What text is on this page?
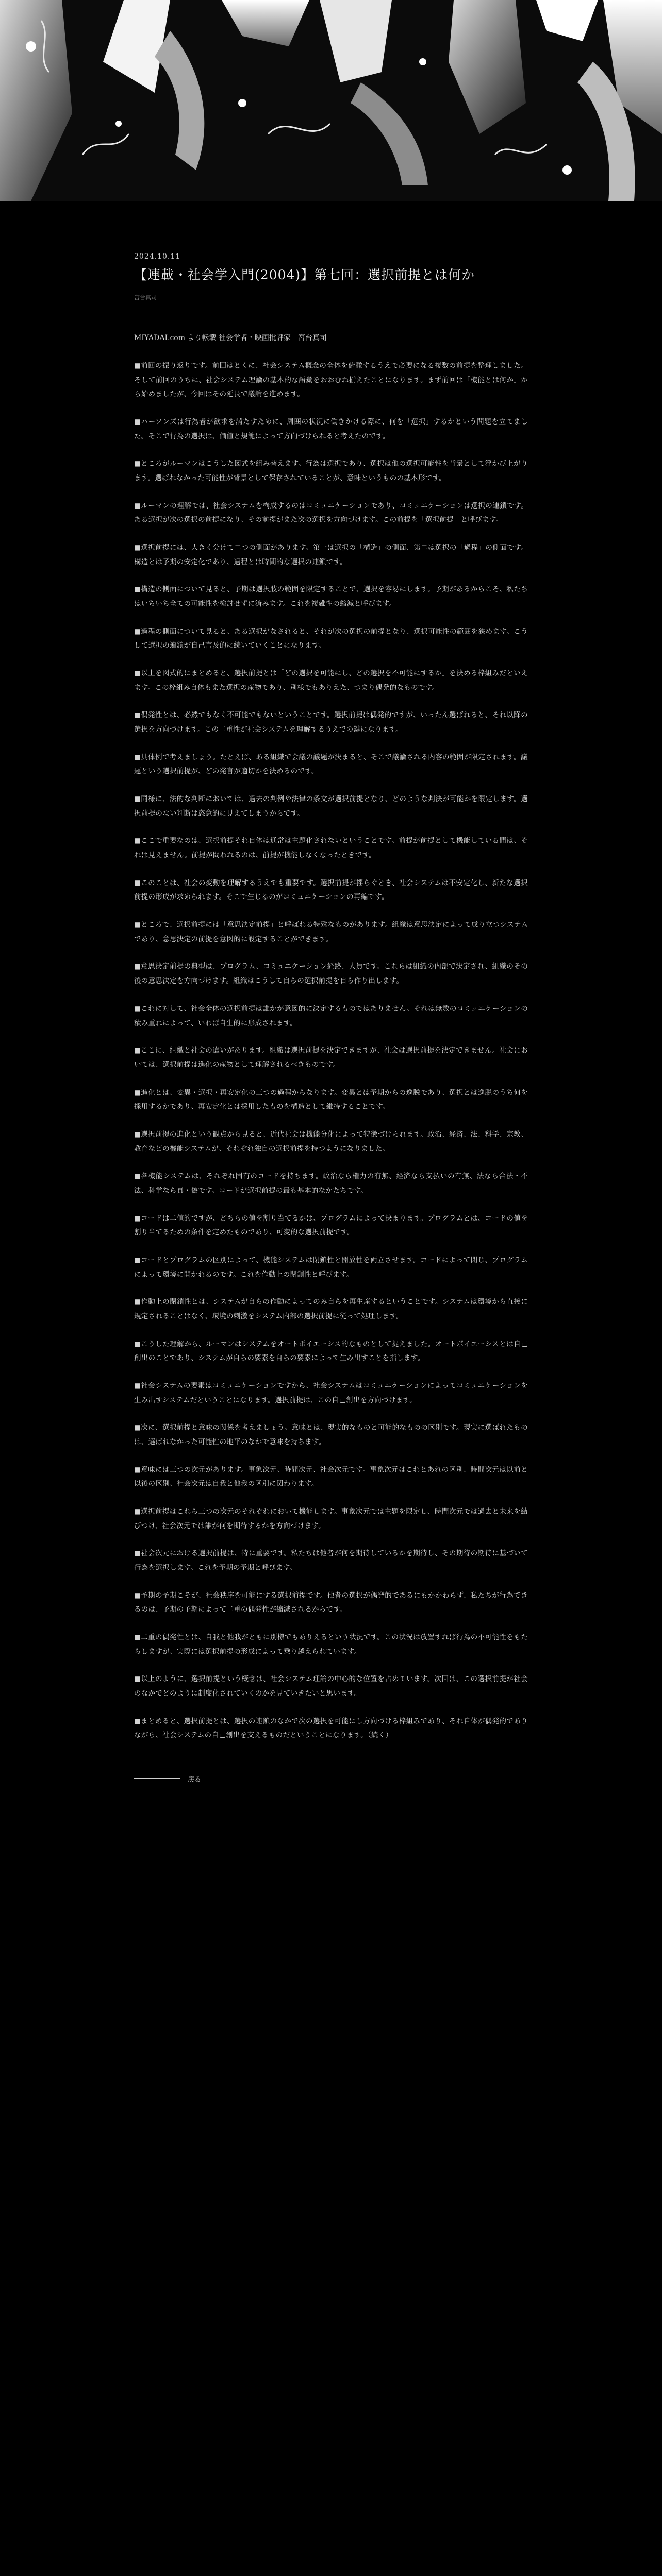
2024.10.11
【連載・社会学入門(2004)】第七回：選択前提とは何か
宮台真司
MIYADAI.com より転載 社会学者・映画批評家　宮台真司

■前回の振り返りです。前回はとくに、社会システム概念の全体を俯瞰するうえで必要になる複数の前提を整理しました。そして前回のうちに、社会システム理論の基本的な語彙をおおむね揃えたことになります。まず前回は「機能とは何か」から始めましたが、今回はその延長で議論を進めます。

■パーソンズは行為者が欲求を満たすために、周囲の状況に働きかける際に、何を「選択」するかという問題を立てました。そこで行為の選択は、価値と規範によって方向づけられると考えたのです。

■ところがルーマンはこうした図式を組み替えます。行為は選択であり、選択は他の選択可能性を背景として浮かび上がります。選ばれなかった可能性が背景として保存されていることが、意味というものの基本形です。

■ルーマンの理解では、社会システムを構成するのはコミュニケーションであり、コミュニケーションは選択の連鎖です。ある選択が次の選択の前提になり、その前提がまた次の選択を方向づけます。この前提を「選択前提」と呼びます。

■選択前提には、大きく分けて二つの側面があります。第一は選択の「構造」の側面、第二は選択の「過程」の側面です。構造とは予期の安定化であり、過程とは時間的な選択の連鎖です。

■構造の側面について見ると、予期は選択肢の範囲を限定することで、選択を容易にします。予期があるからこそ、私たちはいちいち全ての可能性を検討せずに済みます。これを複雑性の縮減と呼びます。

■過程の側面について見ると、ある選択がなされると、それが次の選択の前提となり、選択可能性の範囲を狭めます。こうして選択の連鎖が自己言及的に続いていくことになります。

■以上を図式的にまとめると、選択前提とは「どの選択を可能にし、どの選択を不可能にするか」を決める枠組みだといえます。この枠組み自体もまた選択の産物であり、別様でもありえた、つまり偶発的なものです。

■偶発性とは、必然でもなく不可能でもないということです。選択前提は偶発的ですが、いったん選ばれると、それ以降の選択を方向づけます。この二重性が社会システムを理解するうえでの鍵になります。

■具体例で考えましょう。たとえば、ある組織で会議の議題が決まると、そこで議論される内容の範囲が限定されます。議題という選択前提が、どの発言が適切かを決めるのです。

■同様に、法的な判断においては、過去の判例や法律の条文が選択前提となり、どのような判決が可能かを限定します。選択前提のない判断は恣意的に見えてしまうからです。

■ここで重要なのは、選択前提それ自体は通常は主題化されないということです。前提が前提として機能している間は、それは見えません。前提が問われるのは、前提が機能しなくなったときです。

■このことは、社会の変動を理解するうえでも重要です。選択前提が揺らぐとき、社会システムは不安定化し、新たな選択前提の形成が求められます。そこで生じるのがコミュニケーションの再編です。

■ところで、選択前提には「意思決定前提」と呼ばれる特殊なものがあります。組織は意思決定によって成り立つシステムであり、意思決定の前提を意図的に設定することができます。

■意思決定前提の典型は、プログラム、コミュニケーション経路、人員です。これらは組織の内部で決定され、組織のその後の意思決定を方向づけます。組織はこうして自らの選択前提を自ら作り出します。

■これに対して、社会全体の選択前提は誰かが意図的に決定するものではありません。それは無数のコミュニケーションの積み重ねによって、いわば自生的に形成されます。

■ここに、組織と社会の違いがあります。組織は選択前提を決定できますが、社会は選択前提を決定できません。社会においては、選択前提は進化の産物として理解されるべきものです。

■進化とは、変異・選択・再安定化の三つの過程からなります。変異とは予期からの逸脱であり、選択とは逸脱のうち何を採用するかであり、再安定化とは採用したものを構造として維持することです。

■選択前提の進化という観点から見ると、近代社会は機能分化によって特徴づけられます。政治、経済、法、科学、宗教、教育などの機能システムが、それぞれ独自の選択前提を持つようになりました。

■各機能システムは、それぞれ固有のコードを持ちます。政治なら権力の有無、経済なら支払いの有無、法なら合法・不法、科学なら真・偽です。コードが選択前提の最も基本的なかたちです。

■コードは二値的ですが、どちらの値を割り当てるかは、プログラムによって決まります。プログラムとは、コードの値を割り当てるための条件を定めたものであり、可変的な選択前提です。

■コードとプログラムの区別によって、機能システムは閉鎖性と開放性を両立させます。コードによって閉じ、プログラムによって環境に開かれるのです。これを作動上の閉鎖性と呼びます。

■作動上の閉鎖性とは、システムが自らの作動によってのみ自らを再生産するということです。システムは環境から直接に規定されることはなく、環境の刺激をシステム内部の選択前提に従って処理します。

■こうした理解から、ルーマンはシステムをオートポイエーシス的なものとして捉えました。オートポイエーシスとは自己創出のことであり、システムが自らの要素を自らの要素によって生み出すことを指します。

■社会システムの要素はコミュニケーションですから、社会システムはコミュニケーションによってコミュニケーションを生み出すシステムだということになります。選択前提は、この自己創出を方向づけます。

■次に、選択前提と意味の関係を考えましょう。意味とは、現実的なものと可能的なものの区別です。現実に選ばれたものは、選ばれなかった可能性の地平のなかで意味を持ちます。

■意味には三つの次元があります。事象次元、時間次元、社会次元です。事象次元はこれとあれの区別、時間次元は以前と以後の区別、社会次元は自我と他我の区別に関わります。

■選択前提はこれら三つの次元のそれぞれにおいて機能します。事象次元では主題を限定し、時間次元では過去と未来を結びつけ、社会次元では誰が何を期待するかを方向づけます。

■社会次元における選択前提は、特に重要です。私たちは他者が何を期待しているかを期待し、その期待の期待に基づいて行為を選択します。これを予期の予期と呼びます。

■予期の予期こそが、社会秩序を可能にする選択前提です。他者の選択が偶発的であるにもかかわらず、私たちが行為できるのは、予期の予期によって二重の偶発性が縮減されるからです。

■二重の偶発性とは、自我と他我がともに別様でもありえるという状況です。この状況は放置すれば行為の不可能性をもたらしますが、実際には選択前提の形成によって乗り越えられています。

■以上のように、選択前提という概念は、社会システム理論の中心的な位置を占めています。次回は、この選択前提が社会のなかでどのように制度化されていくのかを見ていきたいと思います。

■まとめると、選択前提とは、選択の連鎖のなかで次の選択を可能にし方向づける枠組みであり、それ自体が偶発的でありながら、社会システムの自己創出を支えるものだということになります。（続く）

戻る
